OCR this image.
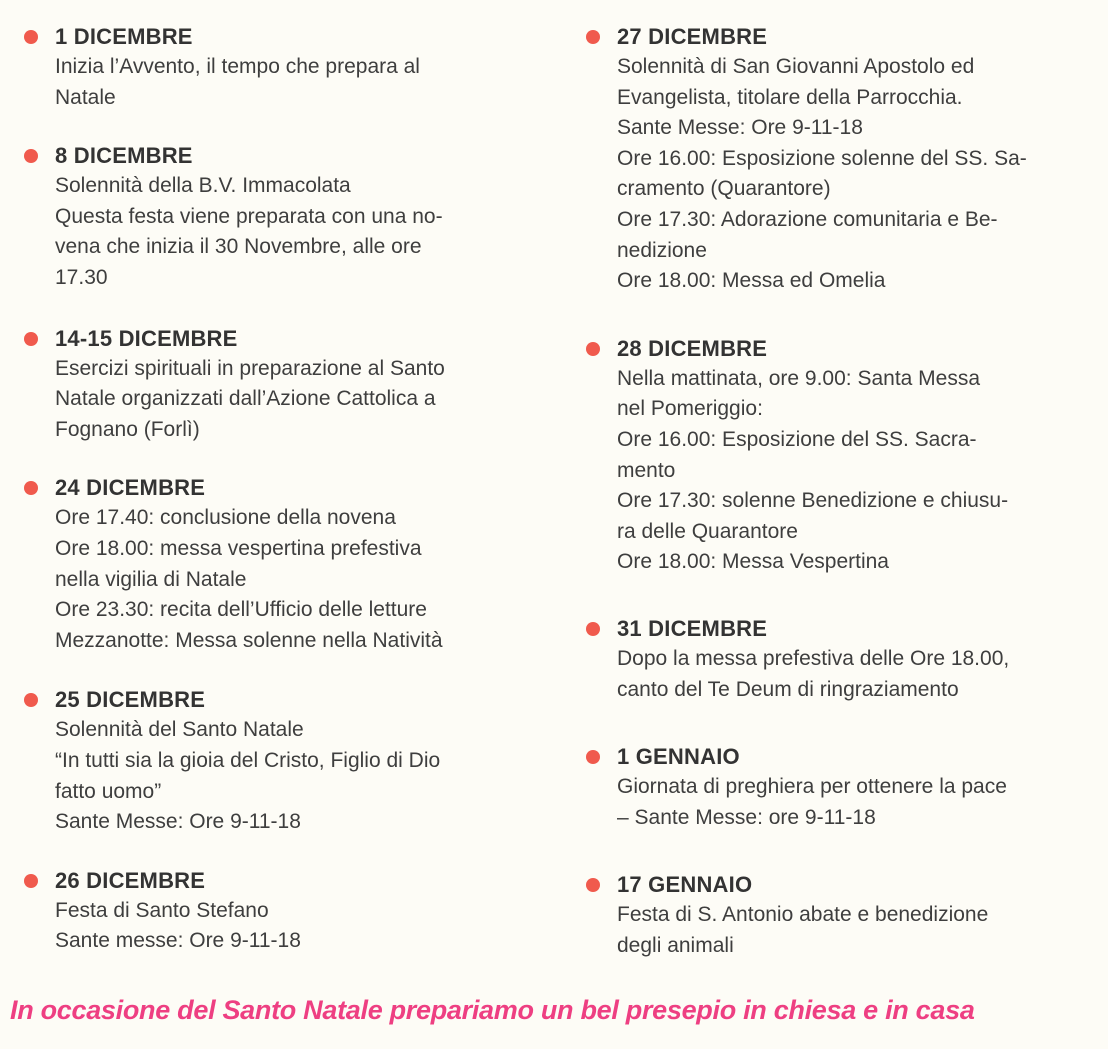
1 DICEMBRE
Inizia l’Avvento, il tempo che prepara al
Natale
8 DICEMBRE
Solennità della B.V. Immacolata
Questa festa viene preparata con una no-
vena che inizia il 30 Novembre, alle ore
17.30
14-15 DICEMBRE
Esercizi spirituali in preparazione al Santo
Natale organizzati dall’Azione Cattolica a
Fognano (Forlì)
24 DICEMBRE
Ore 17.40: conclusione della novena
Ore 18.00: messa vespertina prefestiva
nella vigilia di Natale
Ore 23.30: recita dell’Ufficio delle letture
Mezzanotte: Messa solenne nella Natività
25 DICEMBRE
Solennità del Santo Natale
“In tutti sia la gioia del Cristo, Figlio di Dio
fatto uomo”
Sante Messe: Ore 9-11-18
26 DICEMBRE
Festa di Santo Stefano
Sante messe: Ore 9-11-18
27 DICEMBRE
Solennità di San Giovanni Apostolo ed
Evangelista, titolare della Parrocchia.
Sante Messe: Ore 9-11-18
Ore 16.00: Esposizione solenne del SS. Sa-
cramento (Quarantore)
Ore 17.30: Adorazione comunitaria e Be-
nedizione
Ore 18.00: Messa ed Omelia
28 DICEMBRE
Nella mattinata, ore 9.00: Santa Messa
nel Pomeriggio:
Ore 16.00: Esposizione del SS. Sacra-
mento
Ore 17.30: solenne Benedizione e chiusu-
ra delle Quarantore
Ore 18.00: Messa Vespertina
31 DICEMBRE
Dopo la messa prefestiva delle Ore 18.00,
canto del Te Deum di ringraziamento
1 GENNAIO
Giornata di preghiera per ottenere la pace
– Sante Messe: ore 9-11-18
17 GENNAIO
Festa di S. Antonio abate e benedizione
degli animali
In occasione del Santo Natale prepariamo un bel presepio in chiesa e in casa
